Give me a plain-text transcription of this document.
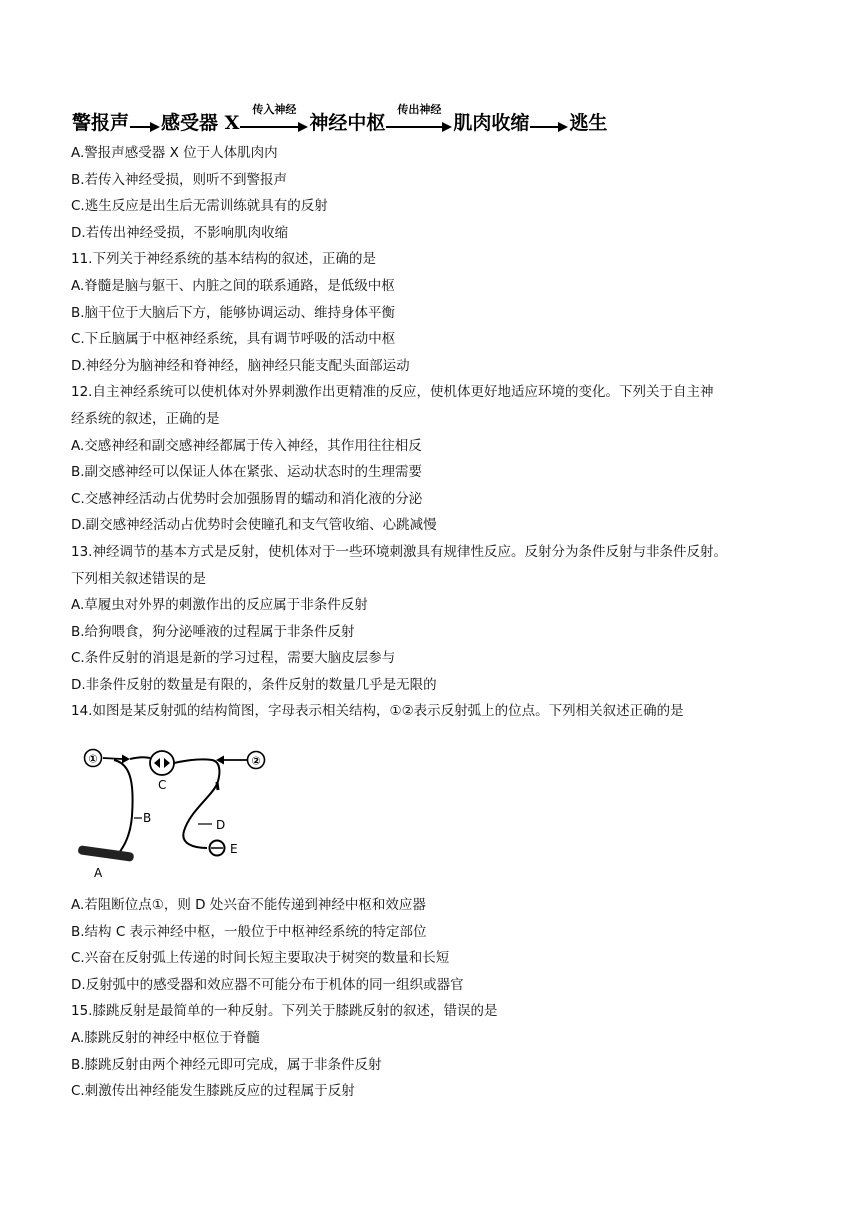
警报声 感受器 X
传入神经
神经中枢
传出神经
肌肉收缩 逃生
A.警报声感受器 X 位于人体肌肉内
B.若传入神经受损，则听不到警报声
C.逃生反应是出生后无需训练就具有的反射
D.若传出神经受损，不影响肌肉收缩
11.下列关于神经系统的基本结构的叙述，正确的是
A.脊髓是脑与躯干、内脏之间的联系通路，是低级中枢
B.脑干位于大脑后下方，能够协调运动、维持身体平衡
C.下丘脑属于中枢神经系统，具有调节呼吸的活动中枢
D.神经分为脑神经和脊神经，脑神经只能支配头面部运动
12.自主神经系统可以使机体对外界刺激作出更精准的反应，使机体更好地适应环境的变化。下列关于自主神
经系统的叙述，正确的是
A.交感神经和副交感神经都属于传入神经，其作用往往相反
B.副交感神经可以保证人体在紧张、运动状态时的生理需要
C.交感神经活动占优势时会加强肠胃的蠕动和消化液的分泌
D.副交感神经活动占优势时会使瞳孔和支气管收缩、心跳减慢
13.神经调节的基本方式是反射，使机体对于一些环境刺激具有规律性反应。反射分为条件反射与非条件反射。
下列相关叙述错误的是
A.草履虫对外界的刺激作出的反应属于非条件反射
B.给狗喂食，狗分泌唾液的过程属于非条件反射
C.条件反射的消退是新的学习过程，需要大脑皮层参与
D.非条件反射的数量是有限的，条件反射的数量几乎是无限的
14.如图是某反射弧的结构简图，字母表示相关结构，①②表示反射弧上的位点。下列相关叙述正确的是
①
A
B
C
②
D
E
A.若阻断位点①，则 D 处兴奋不能传递到神经中枢和效应器
B.结构 C 表示神经中枢，一般位于中枢神经系统的特定部位
C.兴奋在反射弧上传递的时间长短主要取决于树突的数量和长短
D.反射弧中的感受器和效应器不可能分布于机体的同一组织或器官
15.膝跳反射是最简单的一种反射。下列关于膝跳反射的叙述，错误的是
A.膝跳反射的神经中枢位于脊髓
B.膝跳反射由两个神经元即可完成，属于非条件反射
C.刺激传出神经能发生膝跳反应的过程属于反射
